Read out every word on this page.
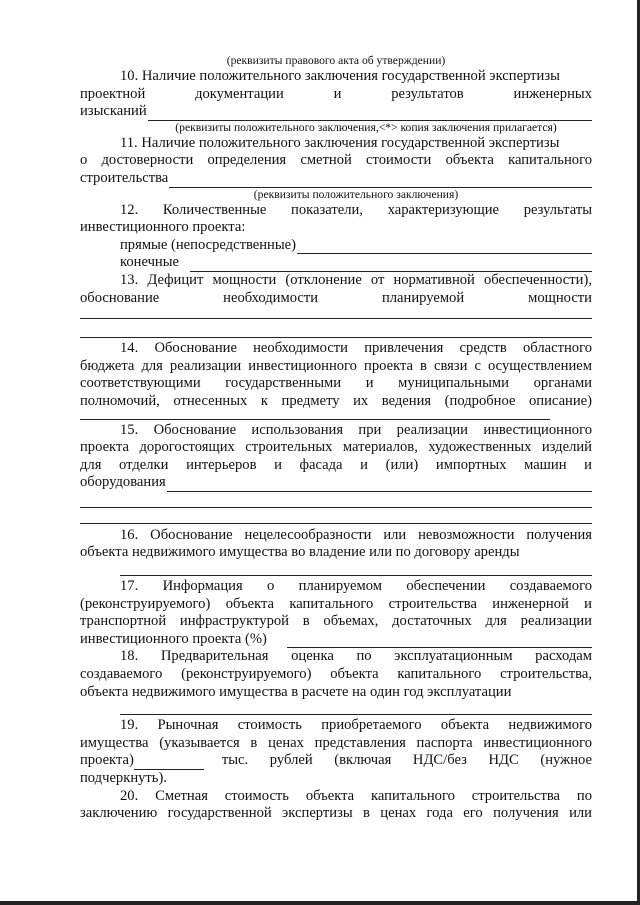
(реквизиты правового акта об утверждении)

10. Наличие положительного заключения государственной экспертизы

проектной документации и результатов инженерных

изысканий

(реквизиты положительного заключения,<*> копия заключения прилагается)

11. Наличие положительного заключения государственной экспертизы

о достоверности определения сметной стоимости объекта капитального

строительства

(реквизиты положительного заключения)

12. Количественные показатели, характеризующие результаты

инвестиционного проекта:

прямые (непосредственные)
конечные

13. Дефицит мощности (отклонение от нормативной обеспеченности),

обоснование необходимости планируемой мощности

14. Обоснование необходимости привлечения средств областного

бюджета для реализации инвестиционного проекта в связи с осуществлением

соответствующими государственными и муниципальными органами

полномочий, отнесенных к предмету их ведения (подробное описание)

15. Обоснование использования при реализации инвестиционного

проекта дорогостоящих строительных материалов, художественных изделий

для отделки интерьеров и фасада и (или) импортных машин и

оборудования

16. Обоснование нецелесообразности или невозможности получения

объекта недвижимого имущества во владение или по договору аренды

17. Информация о планируемом обеспечении создаваемого

(реконструируемого) объекта капитального строительства инженерной и

транспортной инфраструктурой в объемах, достаточных для реализации

инвестиционного проекта (%)

18. Предварительная оценка по эксплуатационным расходам

создаваемого (реконструируемого) объекта капитального строительства,

объекта недвижимого имущества в расчете на один год эксплуатации

19. Рыночная стоимость приобретаемого объекта недвижимого

имущества (указывается в ценах представления паспорта инвестиционного

проекта)	тыс. рублей (включая НДС/без НДС (нужное

подчеркнуть).

20. Сметная стоимость объекта капитального строительства по

заключению государственной экспертизы в ценах года его получения или
